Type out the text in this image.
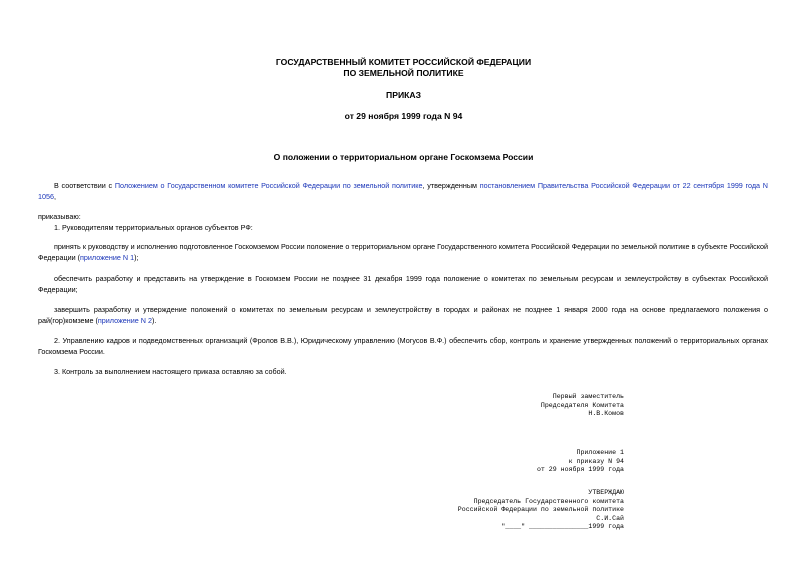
ГОСУДАРСТВЕННЫЙ КОМИТЕТ РОССИЙСКОЙ ФЕДЕРАЦИИ
ПО ЗЕМЕЛЬНОЙ ПОЛИТИКЕ
ПРИКАЗ
от 29 ноября 1999 года N 94
О положении о территориальном органе Госкомзема России
В соответствии с Положением о Государственном комитете Российской Федерации по земельной политике, утвержденным постановлением Правительства Российской Федерации от 22 сентября 1999 года N 1056,
приказываю:
1. Руководителям территориальных органов субъектов РФ:
принять к руководству и исполнению подготовленное Госкомземом России положение о территориальном органе Государственного комитета Российской Федерации по земельной политике в субъекте Российской Федерации (приложение N 1);
обеспечить разработку и представить на утверждение в Госкомзем России не позднее 31 декабря 1999 года положение о комитетах по земельным ресурсам и землеустройству в субъектах Российской Федерации;
завершить разработку и утверждение положений о комитетах по земельным ресурсам и землеустройству в городах и районах не позднее 1 января 2000 года на основе предлагаемого положения о рай(гор)комземе (приложение N 2).
2. Управлению кадров и подведомственных организаций (Фролов В.В.), Юридическому управлению (Могусов В.Ф.) обеспечить сбор, контроль и хранение утвержденных положений о территориальных органах Госкомзема России.
3. Контроль за выполнением настоящего приказа оставляю за собой.
Первый заместитель
Председателя Комитета
Н.В.Комов
Приложение 1
к приказу N 94
от 29 ноября 1999 года
УТВЕРЖДАЮ
Председатель Государственного комитета
Российской Федерации по земельной политике
С.И.Сай
"____" _______________1999 года
